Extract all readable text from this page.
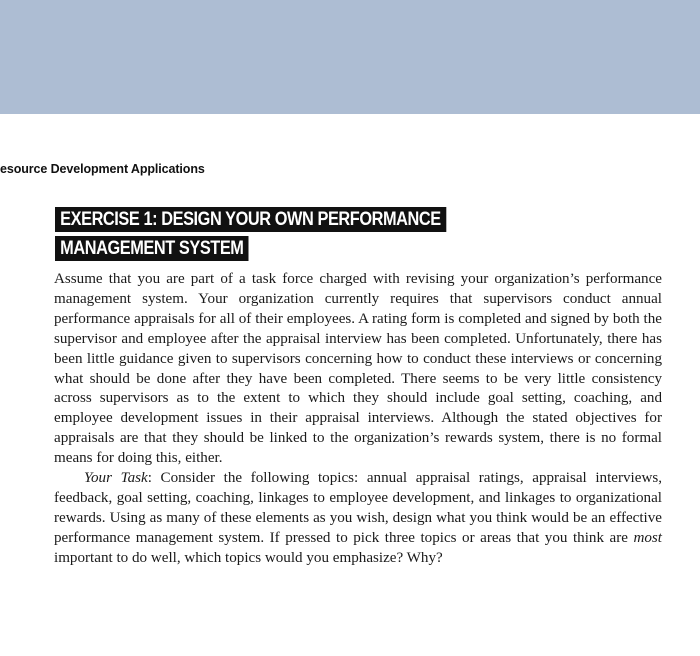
esource Development Applications
EXERCISE 1: DESIGN YOUR OWN PERFORMANCE
MANAGEMENT SYSTEM

Assume that you are part of a task force charged with revising your organization’s performance management system. Your organization currently requires that supervisors conduct annual performance appraisals for all of their employees. A rating form is completed and signed by both the supervisor and employee after the appraisal interview has been completed. Unfortunately, there has been little guidance given to supervisors concerning how to conduct these interviews or concerning what should be done after they have been completed. There seems to be very little consistency across supervisors as to the extent to which they should include goal setting, coaching, and employee development issues in their appraisal interviews. Although the stated objectives for appraisals are that they should be linked to the organization’s rewards system, there is no formal means for doing this, either.

Your Task: Consider the following topics: annual appraisal ratings, appraisal interviews, feedback, goal setting, coaching, linkages to employee development, and linkages to organizational rewards. Using as many of these elements as you wish, design what you think would be an effective performance management system. If pressed to pick three topics or areas that you think are most important to do well, which topics would you emphasize? Why?
